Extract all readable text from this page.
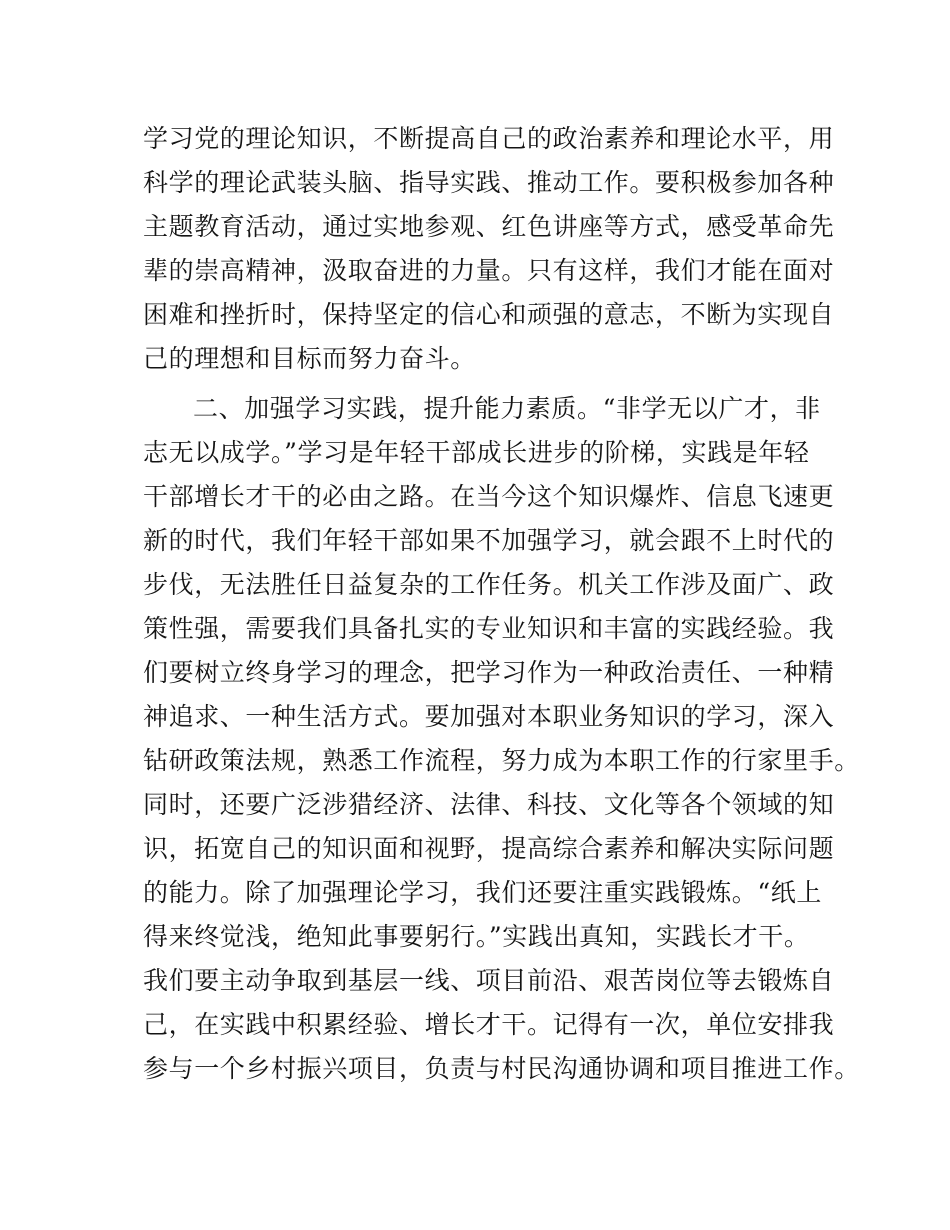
学习党的理论知识，不断提高自己的政治素养和理论水平，用
科学的理论武装头脑、指导实践、推动工作。要积极参加各种
主题教育活动，通过实地参观、红色讲座等方式，感受革命先
辈的崇高精神，汲取奋进的力量。只有这样，我们才能在面对
困难和挫折时，保持坚定的信心和顽强的意志，不断为实现自
己的理想和目标而努力奋斗。
二、加强学习实践，提升能力素质。“非学无以广才，非
志无以成学。”学习是年轻干部成长进步的阶梯，实践是年轻
干部增长才干的必由之路。在当今这个知识爆炸、信息飞速更
新的时代，我们年轻干部如果不加强学习，就会跟不上时代的
步伐，无法胜任日益复杂的工作任务。机关工作涉及面广、政
策性强，需要我们具备扎实的专业知识和丰富的实践经验。我
们要树立终身学习的理念，把学习作为一种政治责任、一种精
神追求、一种生活方式。要加强对本职业务知识的学习，深入
钻研政策法规，熟悉工作流程，努力成为本职工作的行家里手。
同时，还要广泛涉猎经济、法律、科技、文化等各个领域的知
识，拓宽自己的知识面和视野，提高综合素养和解决实际问题
的能力。除了加强理论学习，我们还要注重实践锻炼。“纸上
得来终觉浅，绝知此事要躬行。”实践出真知，实践长才干。
我们要主动争取到基层一线、项目前沿、艰苦岗位等去锻炼自
己，在实践中积累经验、增长才干。记得有一次，单位安排我
参与一个乡村振兴项目，负责与村民沟通协调和项目推进工作。
